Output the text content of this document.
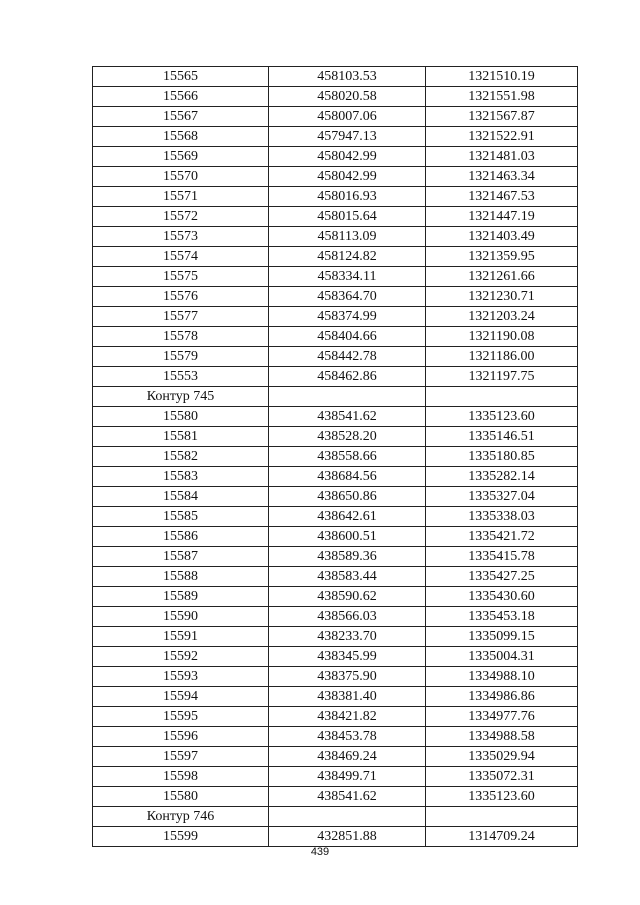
15565	458103.53	1321510.19
15566	458020.58	1321551.98
15567	458007.06	1321567.87
15568	457947.13	1321522.91
15569	458042.99	1321481.03
15570	458042.99	1321463.34
15571	458016.93	1321467.53
15572	458015.64	1321447.19
15573	458113.09	1321403.49
15574	458124.82	1321359.95
15575	458334.11	1321261.66
15576	458364.70	1321230.71
15577	458374.99	1321203.24
15578	458404.66	1321190.08
15579	458442.78	1321186.00
15553	458462.86	1321197.75
Контур 745		
15580	438541.62	1335123.60
15581	438528.20	1335146.51
15582	438558.66	1335180.85
15583	438684.56	1335282.14
15584	438650.86	1335327.04
15585	438642.61	1335338.03
15586	438600.51	1335421.72
15587	438589.36	1335415.78
15588	438583.44	1335427.25
15589	438590.62	1335430.60
15590	438566.03	1335453.18
15591	438233.70	1335099.15
15592	438345.99	1335004.31
15593	438375.90	1334988.10
15594	438381.40	1334986.86
15595	438421.82	1334977.76
15596	438453.78	1334988.58
15597	438469.24	1335029.94
15598	438499.71	1335072.31
15580	438541.62	1335123.60
Контур 746		
15599	432851.88	1314709.24
439
